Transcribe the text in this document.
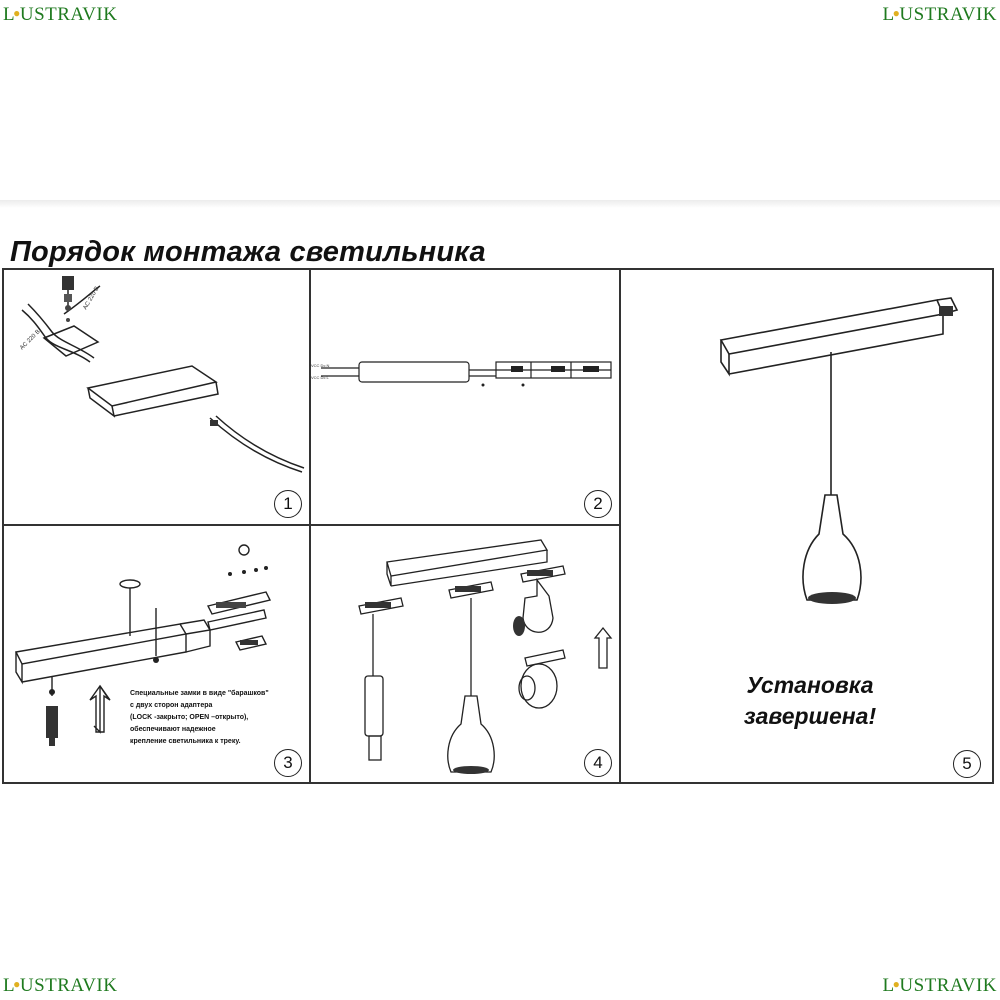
L●USTRAVIK	L●USTRAVIK
L●USTRAVIK	L●USTRAVIK
Порядок монтажа светильника
AC 220 В
AC 220 В
1
VCC Dc N
VCC Dc L
2
3
Специальные замки в виде "барашков"
с двух сторон адаптера
(LOCK -закрыто; OPEN –открыто),
обеспечивают надежное
крепление светильника к треку.
4	5
Установка
завершена!
